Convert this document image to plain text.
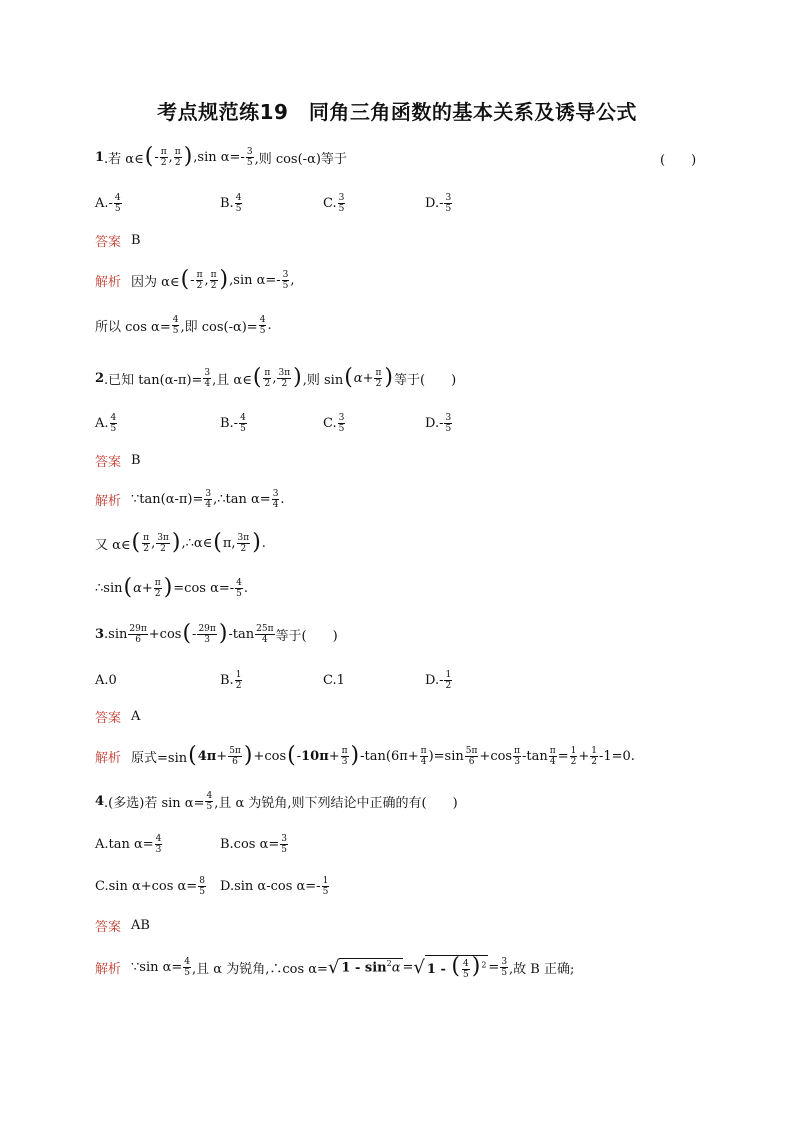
考点规范练19　同角三角函数的基本关系及诱导公式
1 .若 α∈ ( - $\frac{\pi}{2}$ , $\frac{\pi}{2}$ ) ,sin $\alpha=- \frac{3}{5}$ ,则 cos(-α)等于	(　　)
$A.- \frac{4}{5}$	B. $\frac{4}{5}$	C. $\frac{3}{5}$	$D.- \frac{3}{5}$
答案 B
解析 因为 α∈ ( - $\frac{\pi}{2}$ , $\frac{\pi}{2}$ ) ,sin $\alpha=- \frac{3}{5}$ ,
所以 $\cos \alpha= \frac{4}{5}$ ,即 $\cos(-\alpha)= \frac{4}{5}$ .
2 .已知 $\tan(\alpha-\pi)= \frac{3}{4}$ ,且 α∈ ( $\frac{\pi}{2}$ , $\frac{3\pi}{2}$ ) ,则 sin ( $\alpha + \frac{\pi}{2}$ ) 等于(　　)
A. $\frac{4}{5}$	$B.- \frac{4}{5}$	C. $\frac{3}{5}$	$D.- \frac{3}{5}$
答案 B
解析 ∵tan(α-π)= $\frac{3}{4}$ ,∴tan $\alpha= \frac{3}{4}$ .
又 α∈ ( $\frac{\pi}{2}$ , $\frac{3\pi}{2}$ ) ,∴α∈ ( π, $\frac{3\pi}{2}$ ) .
∴sin ( $\alpha + \frac{\pi}{2}$ ) =cos $\alpha=- \frac{4}{5}$ .
3 $.\sin \frac{29\pi}{6} +\cos$ ( - $\frac{29\pi}{3}$ ) $-\tan \frac{25\pi}{4}$ 等于(　　)
A.0	B. $\frac{1}{2}$	C.1	$D.- \frac{1}{2}$
答案 A
解析 原式=sin ( $4\pi + \frac{5\pi}{6}$ ) +cos ( - $10\pi + \frac{\pi}{3}$ ) $-\tan(6\pi+ \frac{\pi}{4} )=\sin \frac{5\pi}{6} +\cos \frac{\pi}{3} -\tan \frac{\pi}{4} = \frac{1}{2} + \frac{1}{2} -1=0$.
4 .(多选)若 $\sin \alpha= \frac{4}{5}$ ,且 α 为锐角,则下列结论中正确的有(　　)
A.tan $\alpha= \frac{4}{3}$	B.cos $\alpha= \frac{3}{5}$
C.sin α+cos $\alpha= \frac{8}{5} D.\sin$ α-cos $\alpha=- \frac{1}{5}$
答案 AB
解析 ∵sin $\alpha= \frac{4}{5}$ ,且 α 为锐角,∴cos α= √ $1 - \sin^2\alpha$ = √ 1 - ( $\frac{4}{5} )^2 = \frac{3}{5}$ ,故 B 正确;
